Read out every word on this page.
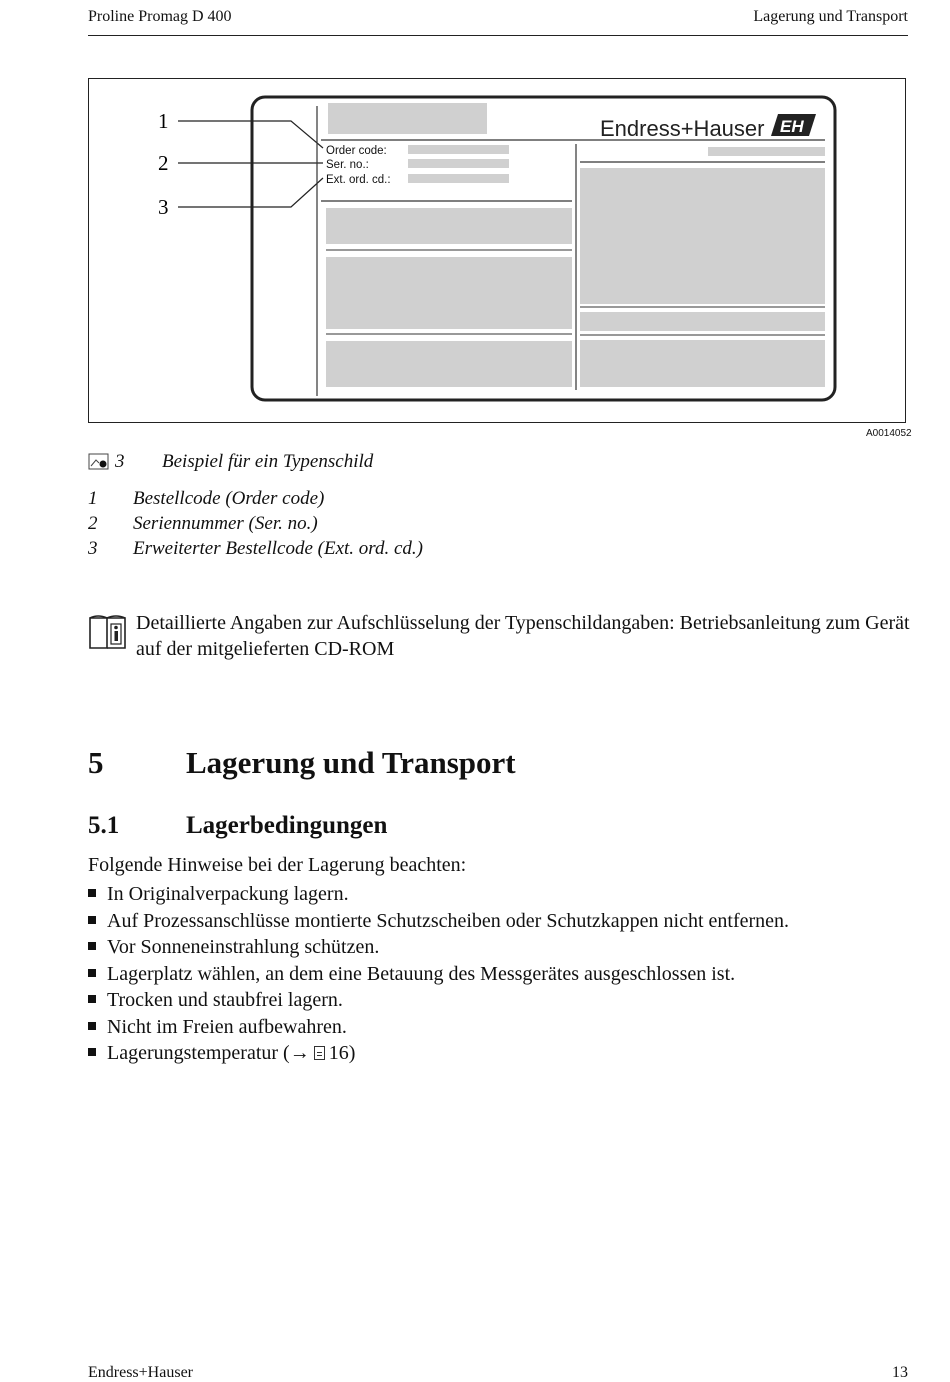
Proline Promag D 400	Lagerung und Transport
1
2
3
Order code:
Ser. no.:
Ext. ord. cd.:
Endress+Hauser EH
A0014052
3 Beispiel für ein Typenschild
1 Bestellcode (Order code)
2 Seriennummer (Ser. no.)
3 Erweiterter Bestellcode (Ext. ord. cd.)
Detaillierte Angaben zur Aufschlüsselung der Typenschildangaben: Betriebsanleitung zum Gerät auf der mitgelieferten CD-ROM
5	Lagerung und Transport
5.1	Lagerbedingungen
Folgende Hinweise bei der Lagerung beachten:
In Originalverpackung lagern.
Auf Prozessanschlüsse montierte Schutzscheiben oder Schutzkappen nicht entfernen.
Vor Sonneneinstrahlung schützen.
Lagerplatz wählen, an dem eine Betauung des Messgerätes ausgeschlossen ist.
Trocken und staubfrei lagern.
Nicht im Freien aufbewahren.
Lagerungstemperatur (→ 16)
Endress+Hauser	13
